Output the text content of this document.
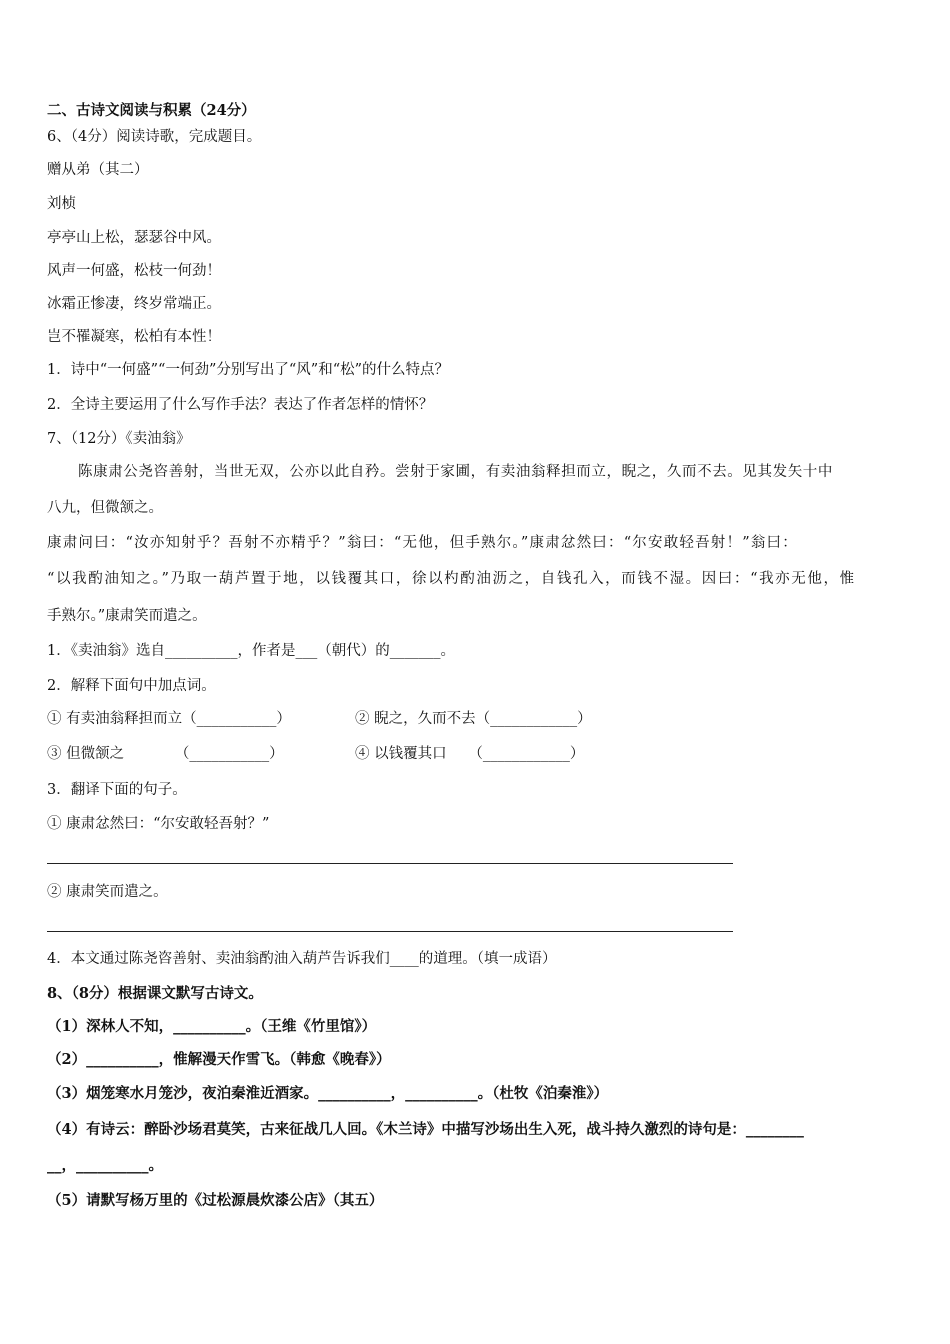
二、古诗文阅读与积累（24分）
6、（4分）阅读诗歌，完成题目。
赠从弟（其二）
刘桢
亭亭山上松，瑟瑟谷中风。
风声一何盛，松枝一何劲！
冰霜正惨凄，终岁常端正。
岂不罹凝寒，松柏有本性！
1．诗中“一何盛”“一何劲”分别写出了“风”和“松”的什么特点？
2．全诗主要运用了什么写作手法？表达了作者怎样的情怀？
7、（12分）《卖油翁》
陈康肃公尧咨善射，当世无双，公亦以此自矜。尝射于家圃，有卖油翁释担而立，睨之，久而不去。见其发矢十中
八九，但微颔之。
康肃问曰：“汝亦知射乎？吾射不亦精乎？”翁曰：“无他，但手熟尔。”康肃忿然曰：“尔安敢轻吾射！”翁曰：
“以我酌油知之。”乃取一葫芦置于地，以钱覆其口，徐以杓酌油沥之，自钱孔入，而钱不湿。因曰：“我亦无他，惟
手熟尔。”康肃笑而遣之。
1．《卖油翁》选自__________，作者是___（朝代）的_______。
2．解释下面句中加点词。
① 有卖油翁释担而立（___________）	② 睨之，久而不去（____________）
③ 但微颔之　　　　（___________）	④ 以钱覆其口　　（____________）
3．翻译下面的句子。
① 康肃忿然曰：“尔安敢轻吾射？”
② 康肃笑而遣之。
4．本文通过陈尧咨善射、卖油翁酌油入葫芦告诉我们____的道理。（填一成语）
8、（8分）根据课文默写古诗文。
（1）深林人不知，__________。（王维《竹里馆》）
（2）__________，惟解漫天作雪飞。（韩愈《晚春》）
（3）烟笼寒水月笼沙，夜泊秦淮近酒家。__________，__________。（杜牧《泊秦淮》）
（4）有诗云：醉卧沙场君莫笑，古来征战几人回。《木兰诗》中描写沙场出生入死，战斗持久激烈的诗句是：________
__，__________。
（5）请默写杨万里的《过松源晨炊漆公店》（其五）
